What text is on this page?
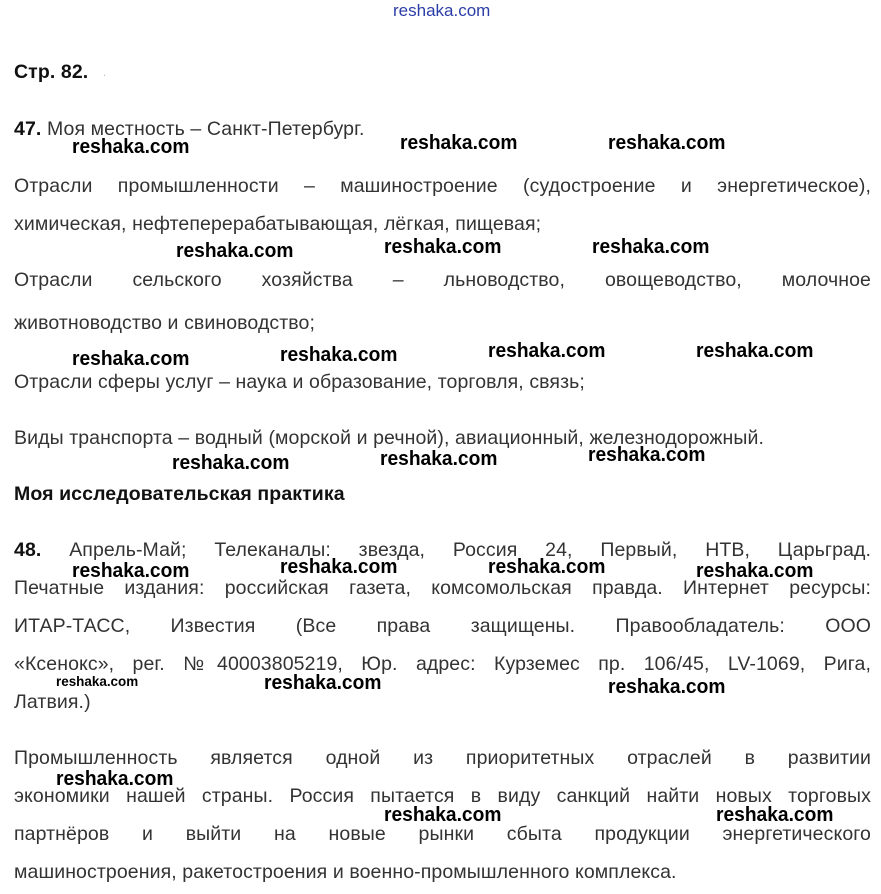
reshaka.com
Стр. 82. .
47. Моя местность – Санкт-Петербург.
Отрасли промышленности – машиностроение (судостроение и энергетическое),
химическая, нефтеперерабатывающая, лёгкая, пищевая;
Отрасли сельского хозяйства – льноводство, овощеводство, молочное
животноводство и свиноводство;
Отрасли сферы услуг – наука и образование, торговля, связь;
Виды транспорта – водный (морской и речной), авиационный, железнодорожный.
Моя исследовательская практика
48. Апрель-Май; Телеканалы: звезда, Россия 24, Первый, НТВ, Царьград.
Печатные издания: российская газета, комсомольская правда. Интернет ресурсы:
ИТАР-ТАСС, Известия (Все права защищены. Правообладатель: ООО
«Ксенокс», рег. №40003805219, Юр. адрес: Курземес пр. 106/45, LV-1069, Рига,
Латвия.)
Промышленность является одной из приоритетных отраслей в развитии
экономики нашей страны. Россия пытается в виду санкций найти новых торговых
партнёров и выйти на новые рынки сбыта продукции энергетического
машиностроения, ракетостроения и военно-промышленного комплекса.
reshaka.com	reshaka.com	reshaka.com
reshaka.com	reshaka.com	reshaka.com
reshaka.com	reshaka.com	reshaka.com	reshaka.com
reshaka.com	reshaka.com	reshaka.com
reshaka.com	reshaka.com	reshaka.com	reshaka.com
reshaka.com	reshaka.com	reshaka.com
reshaka.com
reshaka.com	reshaka.com
